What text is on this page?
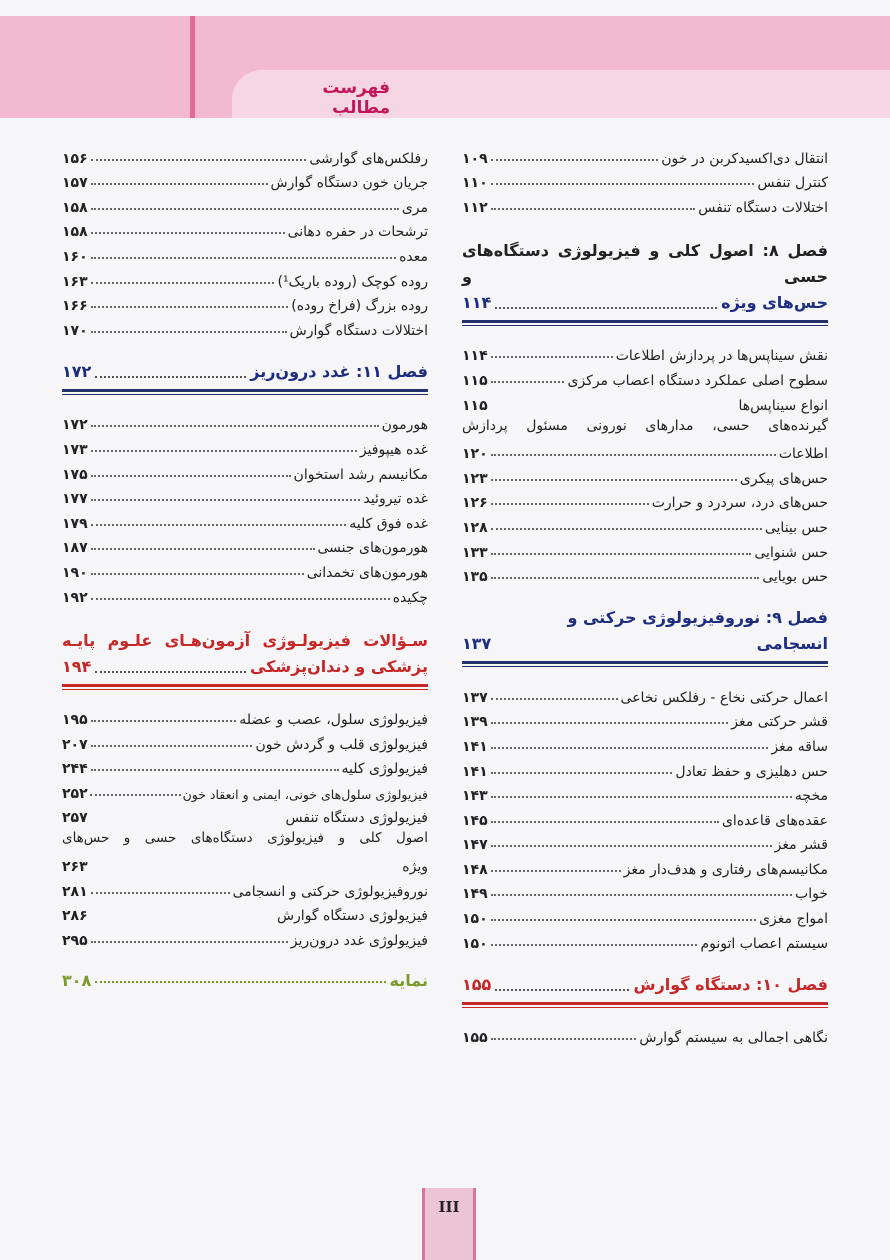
فهرست مطالب
انتقال دی‌اکسیدکربن در خون
۱۰۹
کنترل تنفس
۱۱۰
اختلالات دستگاه تنفس
۱۱۲
فصل ۸: اصول کلی و فیزیولوژی دستگاه‌های حسی و
حس‌های ویژه
۱۱۴
نقش سیناپس‌ها در پردازش اطلاعات
۱۱۴
سطوح اصلی عملکرد دستگاه اعصاب مرکزی
۱۱۵
انواع سیناپس‌ها
۱۱۵
گیرنده‌های حسی، مدارهای نورونی مسئول پردازش
اطلاعات
۱۲۰
حس‌های پیکری
۱۲۳
حس‌های درد، سردرد و حرارت
۱۲۶
حس بینایی
۱۲۸
حس شنوایی
۱۳۳
حس بویایی
۱۳۵
فصل ۹: نوروفیزیولوژی حرکتی و انسجامی
۱۳۷
اعمال حرکتی نخاع - رفلکس نخاعی
۱۳۷
قشر حرکتی مغز
۱۳۹
ساقه مغز
۱۴۱
حس دهلیزی و حفظ تعادل
۱۴۱
مخچه
۱۴۳
عقده‌های قاعده‌ای
۱۴۵
قشر مغز
۱۴۷
مکانیسم‌های رفتاری و هدف‌دار مغز
۱۴۸
خواب
۱۴۹
امواج مغزی
۱۵۰
سیستم اعصاب اتونوم
۱۵۰
فصل ۱۰: دستگاه گوارش
۱۵۵
نگاهی اجمالی به سیستم گوارش
۱۵۵
رفلکس‌های گوارشی
۱۵۶
جریان خون دستگاه گوارش
۱۵۷
مری
۱۵۸
ترشحات در حفره دهانی
۱۵۸
معده
۱۶۰
روده کوچک (روده باریک¹)
۱۶۳
روده بزرگ (فراخ روده)
۱۶۶
اختلالات دستگاه گوارش
۱۷۰
فصل ۱۱: غدد درون‌ریز
۱۷۲
هورمون
۱۷۲
غده هیپوفیز
۱۷۳
مکانیسم رشد استخوان
۱۷۵
غده تیروئید
۱۷۷
غده فوق کلیه
۱۷۹
هورمون‌های جنسی
۱۸۷
هورمون‌های تخمدانی
۱۹۰
چکیده
۱۹۲
سـؤالات فیزیولـوژی آزمون‌هـای علـوم پایـه
پزشکی و دندان‌پزشکی
۱۹۴
فیزیولوژی سلول، عصب و عضله
۱۹۵
فیزیولوژی قلب و گردش خون
۲۰۷
فیزیولوژی کلیه
۲۴۴
فیزیولوژی سلول‌های خونی، ایمنی و انعقاد خون
۲۵۲
فیزیولوژی دستگاه تنفس
۲۵۷
اصول کلی و فیزیولوژی دستگاه‌های حسی و حس‌های
ویژه
۲۶۳
نوروفیزیولوژی حرکتی و انسجامی
۲۸۱
فیزیولوژی دستگاه گوارش
۲۸۶
فیزیولوژی غدد درون‌ریز
۲۹۵
نمایه
۳۰۸
III
